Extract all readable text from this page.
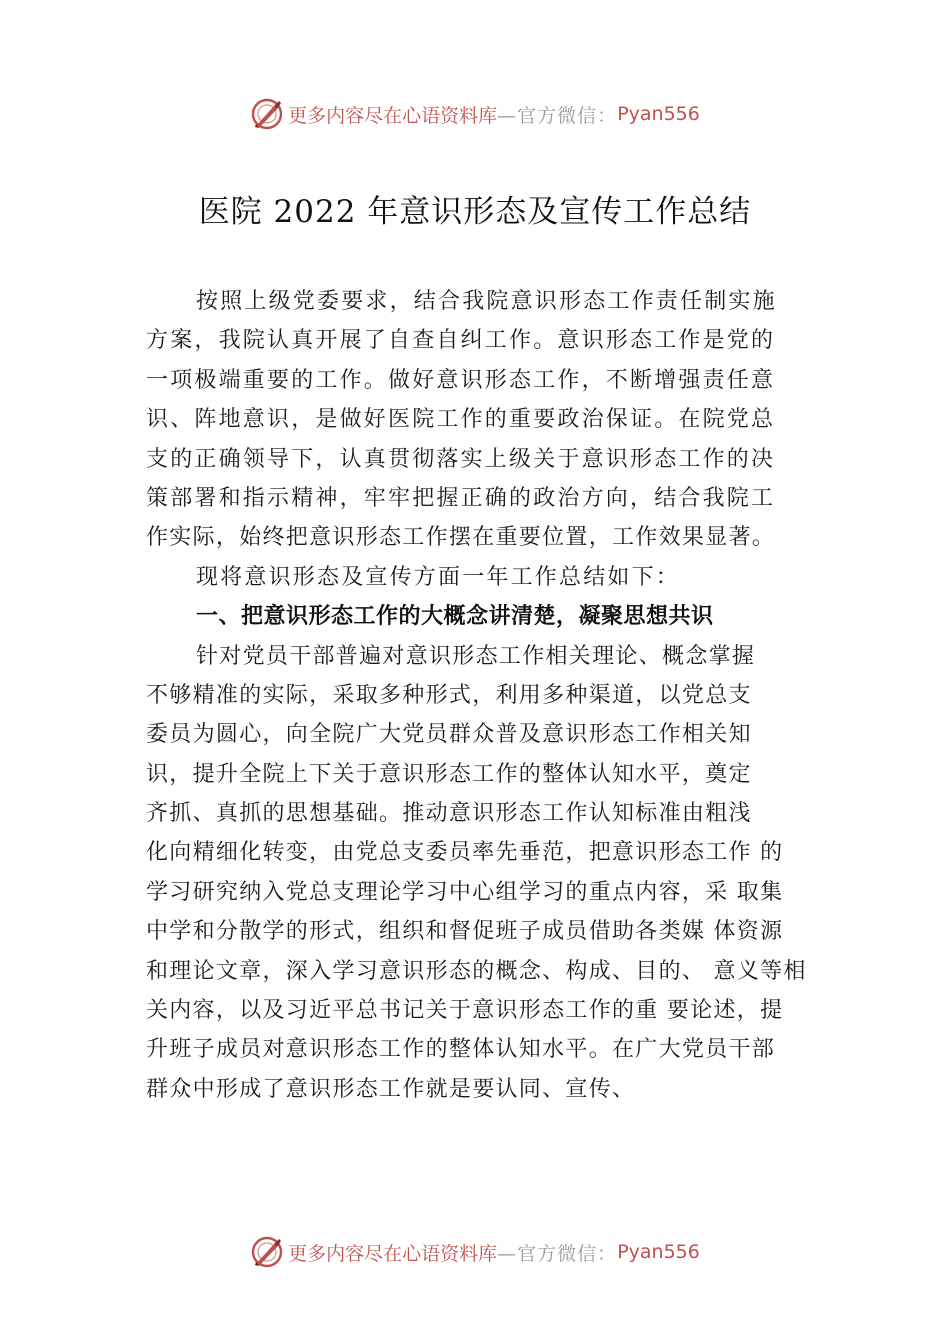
更多内容尽在心语资料库 —官方微信： Pyan556
医院 2022 年意识形态及宣传工作总结
按照上级党委要求，结合我院意识形态工作责任制实施
方案，我院认真开展了自查自纠工作。意识形态工作是党的
一项极端重要的工作。做好意识形态工作，不断增强责任意
识、阵地意识，是做好医院工作的重要政治保证。在院党总
支的正确领导下，认真贯彻落实上级关于意识形态工作的决
策部署和指示精神，牢牢把握正确的政治方向，结合我院工
作实际，始终把意识形态工作摆在重要位置，工作效果显著。
现将意识形态及宣传方面一年工作总结如下：
一、把意识形态工作的大概念讲清楚，凝聚思想共识
针对党员干部普遍对意识形态工作相关理论、概念掌握
不够精准的实际，采取多种形式，利用多种渠道，以党总支
委员为圆心，向全院广大党员群众普及意识形态工作相关知
识，提升全院上下关于意识形态工作的整体认知水平，奠定
齐抓、真抓的思想基础。推动意识形态工作认知标准由粗浅
化向精细化转变，由党总支委员率先垂范，把意识形态工作 的
学习研究纳入党总支理论学习中心组学习的重点内容，采 取集
中学和分散学的形式，组织和督促班子成员借助各类媒 体资源
和理论文章，深入学习意识形态的概念、构成、目的、 意义等相
关内容，以及习近平总书记关于意识形态工作的重 要论述，提
升班子成员对意识形态工作的整体认知水平。在广大党员干部
群众中形成了意识形态工作就是要认同、宣传、
更多内容尽在心语资料库 —官方微信： Pyan556
